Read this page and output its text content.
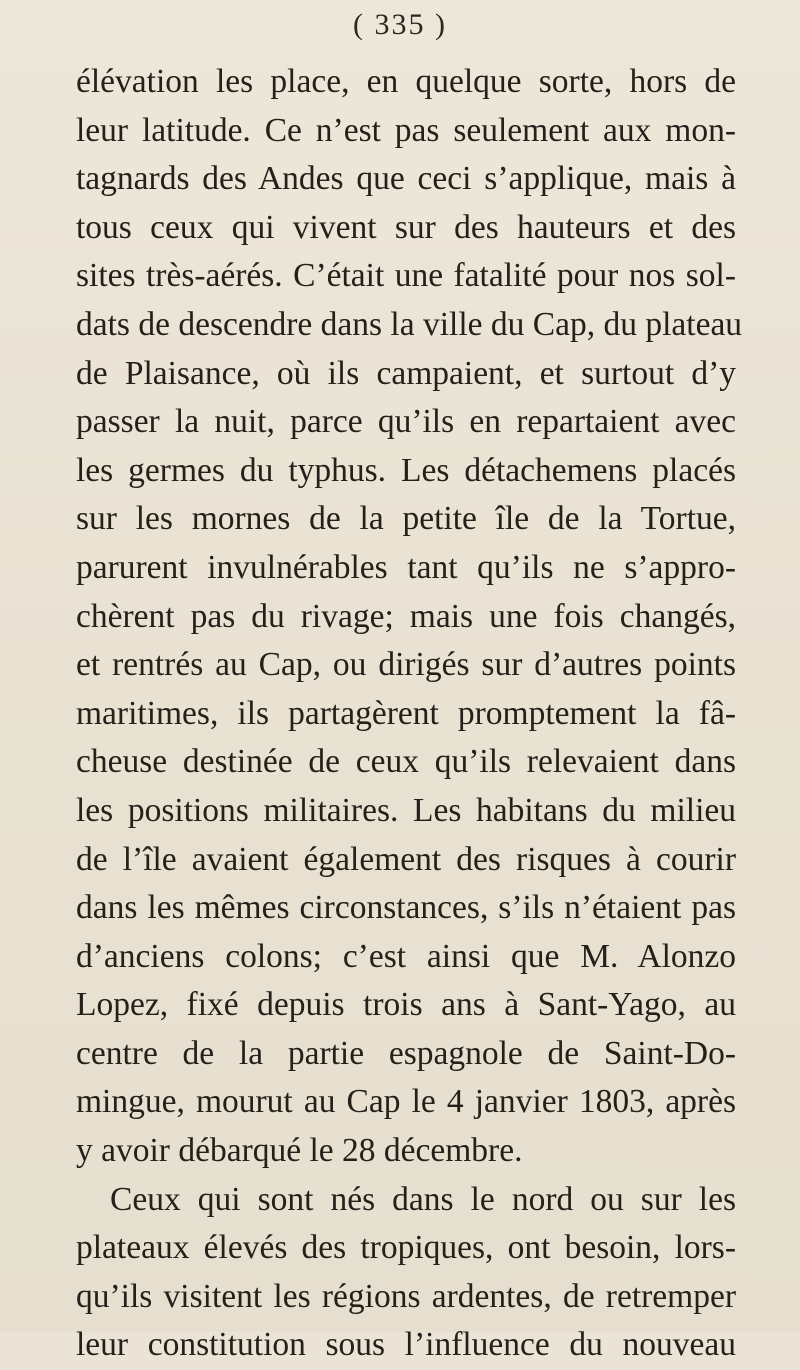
( 335 )
élévation les place, en quelque sorte, hors de
leur latitude. Ce n’est pas seulement aux mon-
tagnards des Andes que ceci s’applique, mais à
tous ceux qui vivent sur des hauteurs et des
sites très-aérés. C’était une fatalité pour nos sol-
dats de descendre dans la ville du Cap, du plateau
de Plaisance, où ils campaient, et surtout d’y
passer la nuit, parce qu’ils en repartaient avec
les germes du typhus. Les détachemens placés
sur les mornes de la petite île de la Tortue,
parurent invulnérables tant qu’ils ne s’appro-
chèrent pas du rivage; mais une fois changés,
et rentrés au Cap, ou dirigés sur d’autres points
maritimes, ils partagèrent promptement la fâ-
cheuse destinée de ceux qu’ils relevaient dans
les positions militaires. Les habitans du milieu
de l’île avaient également des risques à courir
dans les mêmes circonstances, s’ils n’étaient pas
d’anciens colons; c’est ainsi que M. Alonzo
Lopez, fixé depuis trois ans à Sant-Yago, au
centre de la partie espagnole de Saint-Do-
mingue, mourut au Cap le 4 janvier 1803, après
y avoir débarqué le 28 décembre.
Ceux qui sont nés dans le nord ou sur les
plateaux élevés des tropiques, ont besoin, lors-
qu’ils visitent les régions ardentes, de retremper
leur constitution sous l’influence du nouveau
